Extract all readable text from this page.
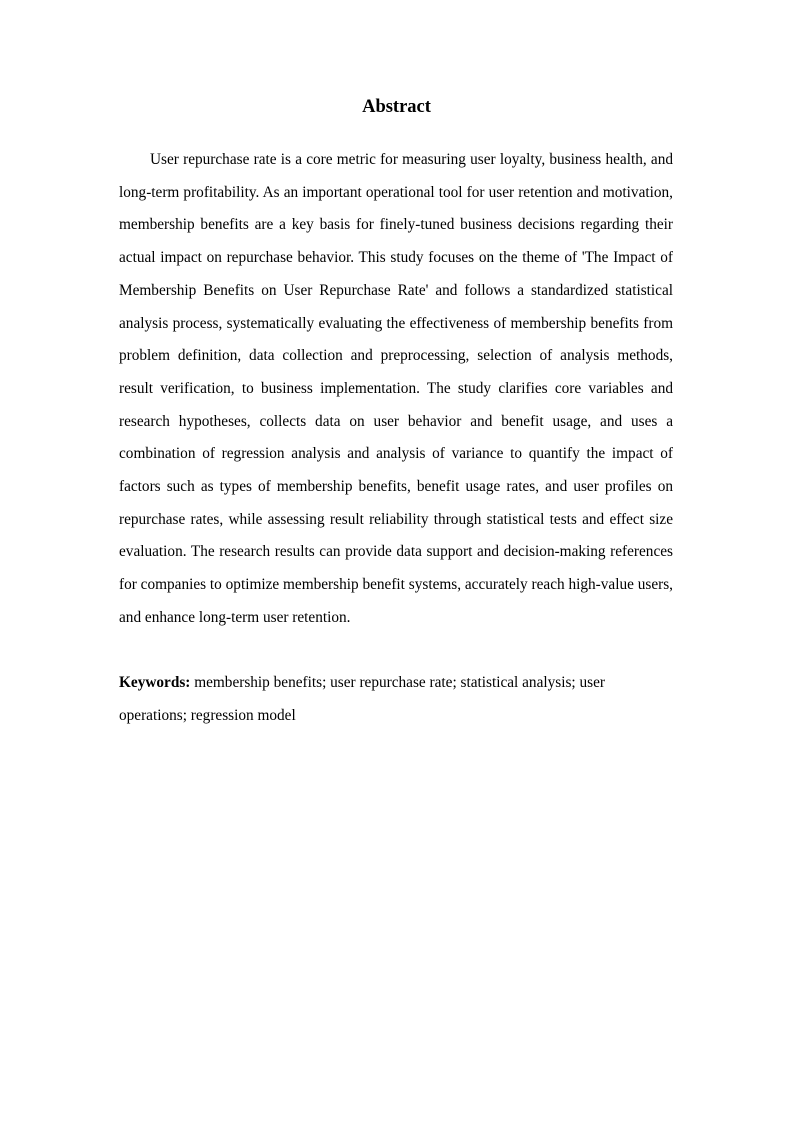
Abstract

User repurchase rate is a core metric for measuring user loyalty, business health, and long-term profitability. As an important operational tool for user retention and motivation, membership benefits are a key basis for finely-tuned business decisions regarding their actual impact on repurchase behavior. This study focuses on the theme of 'The Impact of Membership Benefits on User Repurchase Rate' and follows a standardized statistical analysis process, systematically evaluating the effectiveness of membership benefits from problem definition, data collection and preprocessing, selection of analysis methods, result verification, to business implementation. The study clarifies core variables and research hypotheses, collects data on user behavior and benefit usage, and uses a combination of regression analysis and analysis of variance to quantify the impact of factors such as types of membership benefits, benefit usage rates, and user profiles on repurchase rates, while assessing result reliability through statistical tests and effect size evaluation. The research results can provide data support and decision-making references for companies to optimize membership benefit systems, accurately reach high-value users, and enhance long-term user retention.

Keywords: membership benefits; user repurchase rate; statistical analysis; user operations; regression model
